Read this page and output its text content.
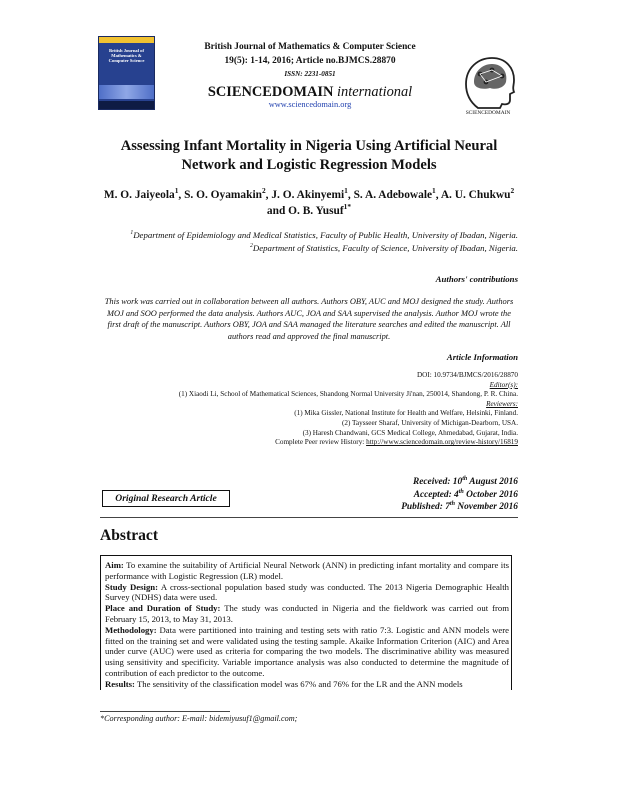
British Journal of Mathematics & Computer Science
British Journal of Mathematics & Computer Science
19(5): 1-14, 2016; Article no.BJMCS.28870
ISSN: 2231-0851
SCIENCEDOMAIN international
www.sciencedomain.org
SCIENCEDOMAIN
Assessing Infant Mortality in Nigeria Using Artificial Neural Network and Logistic Regression Models
M. O. Jaiyeola$^1$, S. O. Oyamakin$^2$, J. O. Akinyemi$^1$, S. A. Adebowale$^1$, A. U. Chukwu$^2$
and O. B. Yusuf$^{1*}$
$^1$Department of Epidemiology and Medical Statistics, Faculty of Public Health, University of Ibadan, Nigeria.
$^2$Department of Statistics, Faculty of Science, University of Ibadan, Nigeria.
Authors' contributions
This work was carried out in collaboration between all authors. Authors OBY, AUC and MOJ designed the study. Authors MOJ and SOO performed the data analysis. Authors AUC, JOA and SAA supervised the analysis. Author MOJ wrote the first draft of the manuscript. Authors OBY, JOA and SAA managed the literature searches and edited the manuscript. All authors read and approved the final manuscript.
Article Information
DOI: 10.9734/BJMCS/2016/28870
Editor(s):
(1) Xiaodi Li, School of Mathematical Sciences, Shandong Normal University Ji'nan, 250014, Shandong, P. R. China.
Reviewers:
(1) Mika Gissler, National Institute for Health and Welfare, Helsinki, Finland.
(2) Taysseer Sharaf, University of Michigan-Dearborn, USA.
(3) Haresh Chandwani, GCS Medical College, Ahmedabad, Gujarat, India.
Complete Peer review History: http://www.sciencedomain.org/review-history/16819
Received: 10th August 2016
Accepted: 4th October 2016
Published: 7th November 2016
Original Research Article
Abstract

Aim: To examine the suitability of Artificial Neural Network (ANN) in predicting infant mortality and compare its performance with Logistic Regression (LR) model.

Study Design: A cross-sectional population based study was conducted. The 2013 Nigeria Demographic Health Survey (NDHS) data were used.

Place and Duration of Study: The study was conducted in Nigeria and the fieldwork was carried out from February 15, 2013, to May 31, 2013.

Methodology: Data were partitioned into training and testing sets with ratio 7:3. Logistic and ANN models were fitted on the training set and were validated using the testing sample. Akaike Information Criterion (AIC) and Area under curve (AUC) were used as criteria for comparing the two models. The discriminative ability was measured using sensitivity and specificity. Variable importance analysis was also conducted to determine the magnitude of contribution of each predictor to the outcome.

Results: The sensitivity of the classification model was 67% and 76% for the LR and the ANN models

*Corresponding author: E-mail: bidemiyusuf1@gmail.com;
